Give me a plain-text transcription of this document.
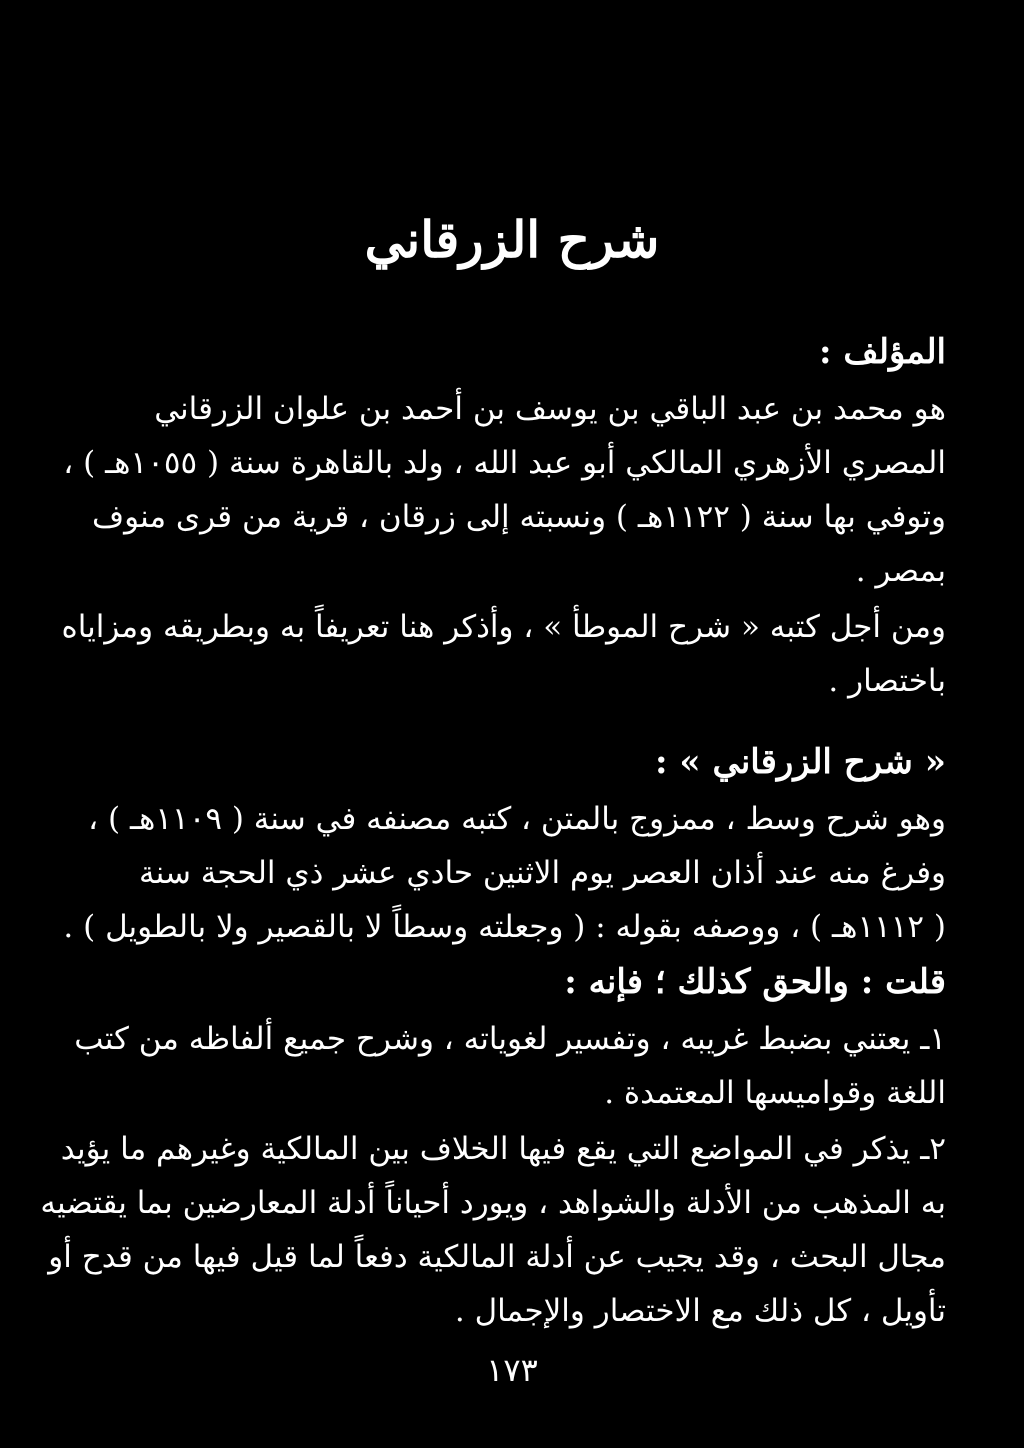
شرح الزرقاني
المؤلف :
هو محمد بن عبد الباقي بن يوسف بن أحمد بن علوان الزرقاني
المصري الأزهري المالكي أبو عبد الله ، ولد بالقاهرة سنة ( ١٠٥٥هـ ) ،
وتوفي بها سنة ( ١١٢٢هـ ) ونسبته إلى زرقان ، قرية من قرى منوف
بمصر .
ومن أجل كتبه « شرح الموطأ » ، وأذكر هنا تعريفاً به وبطريقه ومزاياه
باختصار .
« شرح الزرقاني » :
وهو شرح وسط ، ممزوج بالمتن ، كتبه مصنفه في سنة ( ١١٠٩هـ ) ،
وفرغ منه عند أذان العصر يوم الاثنين حادي عشر ذي الحجة سنة
( ١١١٢هـ ) ، ووصفه بقوله : ( وجعلته وسطاً لا بالقصير ولا بالطويل ) .
قلت : والحق كذلك ؛ فإنه :
١ـ يعتني بضبط غريبه ، وتفسير لغوياته ، وشرح جميع ألفاظه من كتب
اللغة وقواميسها المعتمدة .
٢ـ يذكر في المواضع التي يقع فيها الخلاف بين المالكية وغيرهم ما يؤيد
به المذهب من الأدلة والشواهد ، ويورد أحياناً أدلة المعارضين بما يقتضيه
مجال البحث ، وقد يجيب عن أدلة المالكية دفعاً لما قيل فيها من قدح أو
تأويل ، كل ذلك مع الاختصار والإجمال .
١٧٣
